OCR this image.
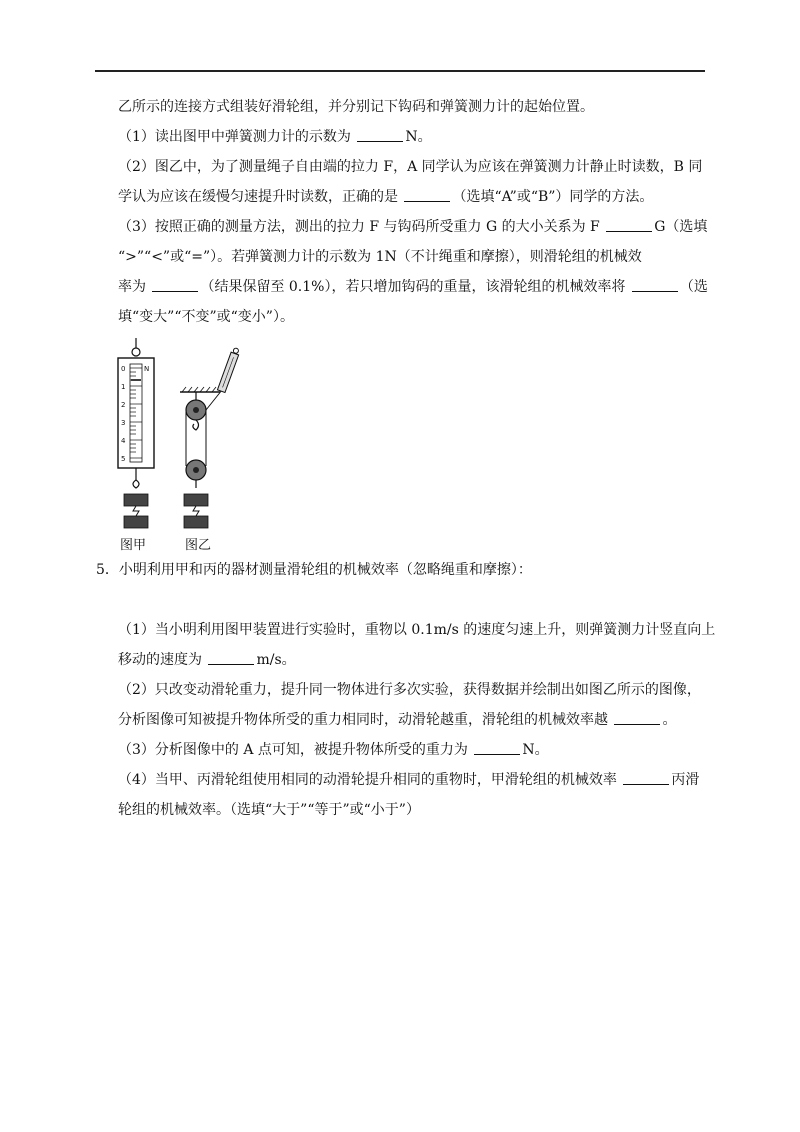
乙所示的连接方式组装好滑轮组，并分别记下钩码和弹簧测力计的起始位置。
（1）读出图甲中弹簧测力计的示数为	N。
（2）图乙中，为了测量绳子自由端的拉力 F，A 同学认为应该在弹簧测力计静止时读数，B 同
学认为应该在缓慢匀速提升时读数，正确的是	（选填“A”或“B”）同学的方法。
（3）按照正确的测量方法，测出的拉力 F 与钩码所受重力 G 的大小关系为 F	G（选填
“>”“<”或“=”）。若弹簧测力计的示数为 1N（不计绳重和摩擦），则滑轮组的机械效
率为	（结果保留至 0.1%），若只增加钩码的重量，该滑轮组的机械效率将	（选
填“变大”“不变”或“变小”）。
0
1
2
3
4
5
N
图甲	图乙
5．小明利用甲和丙的器材测量滑轮组的机械效率（忽略绳重和摩擦）：
（1）当小明利用图甲装置进行实验时，重物以 0.1m/s 的速度匀速上升，则弹簧测力计竖直向上
移动的速度为	m/s。
（2）只改变动滑轮重力，提升同一物体进行多次实验，获得数据并绘制出如图乙所示的图像，
分析图像可知被提升物体所受的重力相同时，动滑轮越重，滑轮组的机械效率越	。
（3）分析图像中的 A 点可知，被提升物体所受的重力为	N。
（4）当甲、丙滑轮组使用相同的动滑轮提升相同的重物时，甲滑轮组的机械效率	丙滑
轮组的机械效率。（选填“大于”“等于”或“小于”）
